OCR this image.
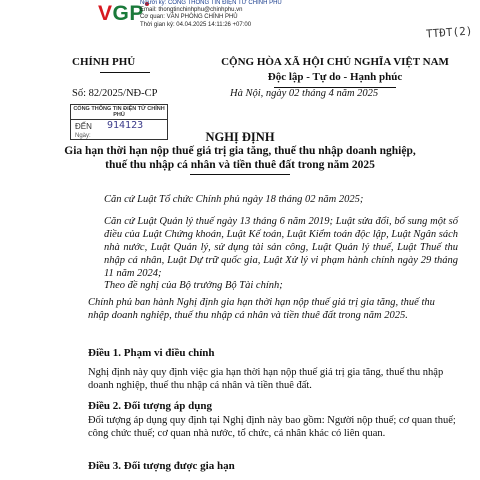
VGP
Người ký: CỔNG THÔNG TIN ĐIỆN TỬ CHÍNH PHỦ
Email: thongtinchinhphu@chinhphu.vn
Cơ quan: VĂN PHÒNG CHÍNH PHỦ
Thời gian ký: 04.04.2025 14:11:26 +07:00	TTĐT(2)
CHÍNH PHỦ	CỘNG HÒA XÃ HỘI CHỦ NGHĨA VIỆT NAM
Độc lập - Tự do - Hạnh phúc
Số: 82/2025/NĐ-CP	Hà Nội, ngày 02 tháng 4 năm 2025
CỔNG THÔNG TIN ĐIỆN TỬ CHÍNH PHỦ
ĐẾN 914123
Ngày:	NGHỊ ĐỊNH
Gia hạn thời hạn nộp thuế giá trị gia tăng, thuế thu nhập doanh nghiệp,
thuế thu nhập cá nhân và tiền thuê đất trong năm 2025
Căn cứ Luật Tổ chức Chính phủ ngày 18 tháng 02 năm 2025;
Căn cứ Luật Quản lý thuế ngày 13 tháng 6 năm 2019; Luật sửa đổi, bổ sung một số điều của Luật Chứng khoán, Luật Kế toán, Luật Kiểm toán độc lập, Luật Ngân sách nhà nước, Luật Quản lý, sử dụng tài sản công, Luật Quản lý thuế, Luật Thuế thu nhập cá nhân, Luật Dự trữ quốc gia, Luật Xử lý vi phạm hành chính ngày 29 tháng 11 năm 2024;
Theo đề nghị của Bộ trưởng Bộ Tài chính;
Chính phủ ban hành Nghị định gia hạn thời hạn nộp thuế giá trị gia tăng, thuế thu nhập doanh nghiệp, thuế thu nhập cá nhân và tiền thuê đất trong năm 2025.
Điều 1. Phạm vi điều chỉnh
Nghị định này quy định việc gia hạn thời hạn nộp thuế giá trị gia tăng, thuế thu nhập doanh nghiệp, thuế thu nhập cá nhân và tiền thuê đất.
Điều 2. Đối tượng áp dụng
Đối tượng áp dụng quy định tại Nghị định này bao gồm: Người nộp thuế; cơ quan thuế; công chức thuế; cơ quan nhà nước, tổ chức, cá nhân khác có liên quan.
Điều 3. Đối tượng được gia hạn
